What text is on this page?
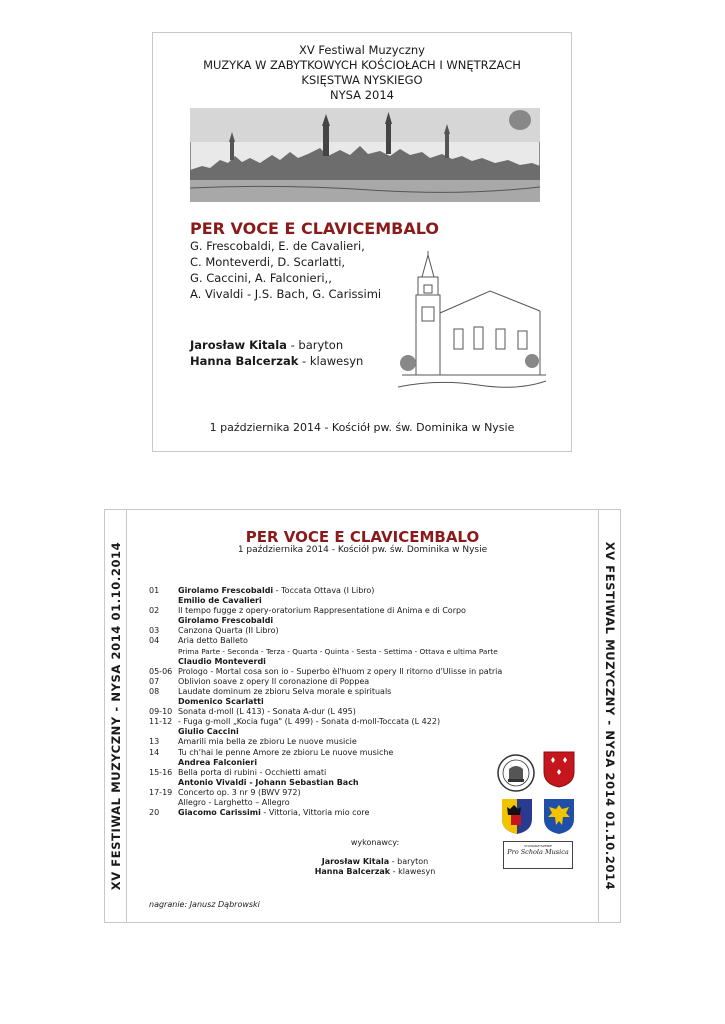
XV Festiwal Muzyczny
MUZYKA W ZABYTKOWYCH KOŚCIOŁACH I WNĘTRZACH
KSIĘSTWA NYSKIEGO
NYSA 2014
PER VOCE E CLAVICEMBALO
G. Frescobaldi, E. de Cavalieri,
C. Monteverdi, D. Scarlatti,
G. Caccini, A. Falconieri,,
A. Vivaldi - J.S. Bach, G. Carissimi
Jarosław Kitala - baryton
Hanna Balcerzak - klawesyn
1 października 2014 - Kościół pw. św. Dominika w Nysie
XV FESTIWAL MUZYCZNY - NYSA 2014 01.10.2014	XV FESTIWAL MUZYCZNY - NYSA 2014 01.10.2014
PER VOCE E CLAVICEMBALO
1 października 2014 - Kościół pw. św. Dominika w Nysie
01	Girolamo Frescobaldi - Toccata Ottava (I Libro)
Emilio de Cavalieri
02	Il tempo fugge z opery-oratorium Rappresentatione di Anima e di Corpo
Girolamo Frescobaldi
03	Canzona Quarta (II Libro)
04	Aria detto Balleto
Prima Parte - Seconda - Terza - Quarta - Quinta - Sesta - Settima - Ottava e ultima Parte
Claudio Monteverdi
05-06 Prologo - Mortal cosa son io - Superbo èl'huom z opery Il ritorno d'Ulisse in patria
07	Oblivion soave z opery Il coronazione di Poppea
08	Laudate dominum ze zbioru Selva morale e spirituals
Domenico Scarlatti
09-10 Sonata d-moll (L 413) - Sonata A-dur (L 495)
11-12 - Fuga g-moll „Kocia fuga" (L 499) - Sonata d-moll-Toccata (L 422)
Giulio Caccini
13	Amarili mia bella ze zbioru Le nuove musicie
14	Tu ch'hai le penne Amore ze zbioru Le nuove musiche
Andrea Falconieri
15-16 Bella porta di rubini - Occhietti amati
Antonio Vivaldi - Johann Sebastian Bach
17-19 Concerto op. 3 nr 9 (BWV 972)
Allegro - Larghetto – Allegro
20	Giacomo Carissimi - Vittoria, Vittoria mio core
STOWARZYSZENIE
Pro Schola Musica
wykonawcy:
Jarosław Kitala - baryton
Hanna Balcerzak - klawesyn
nagranie: Janusz Dąbrowski
